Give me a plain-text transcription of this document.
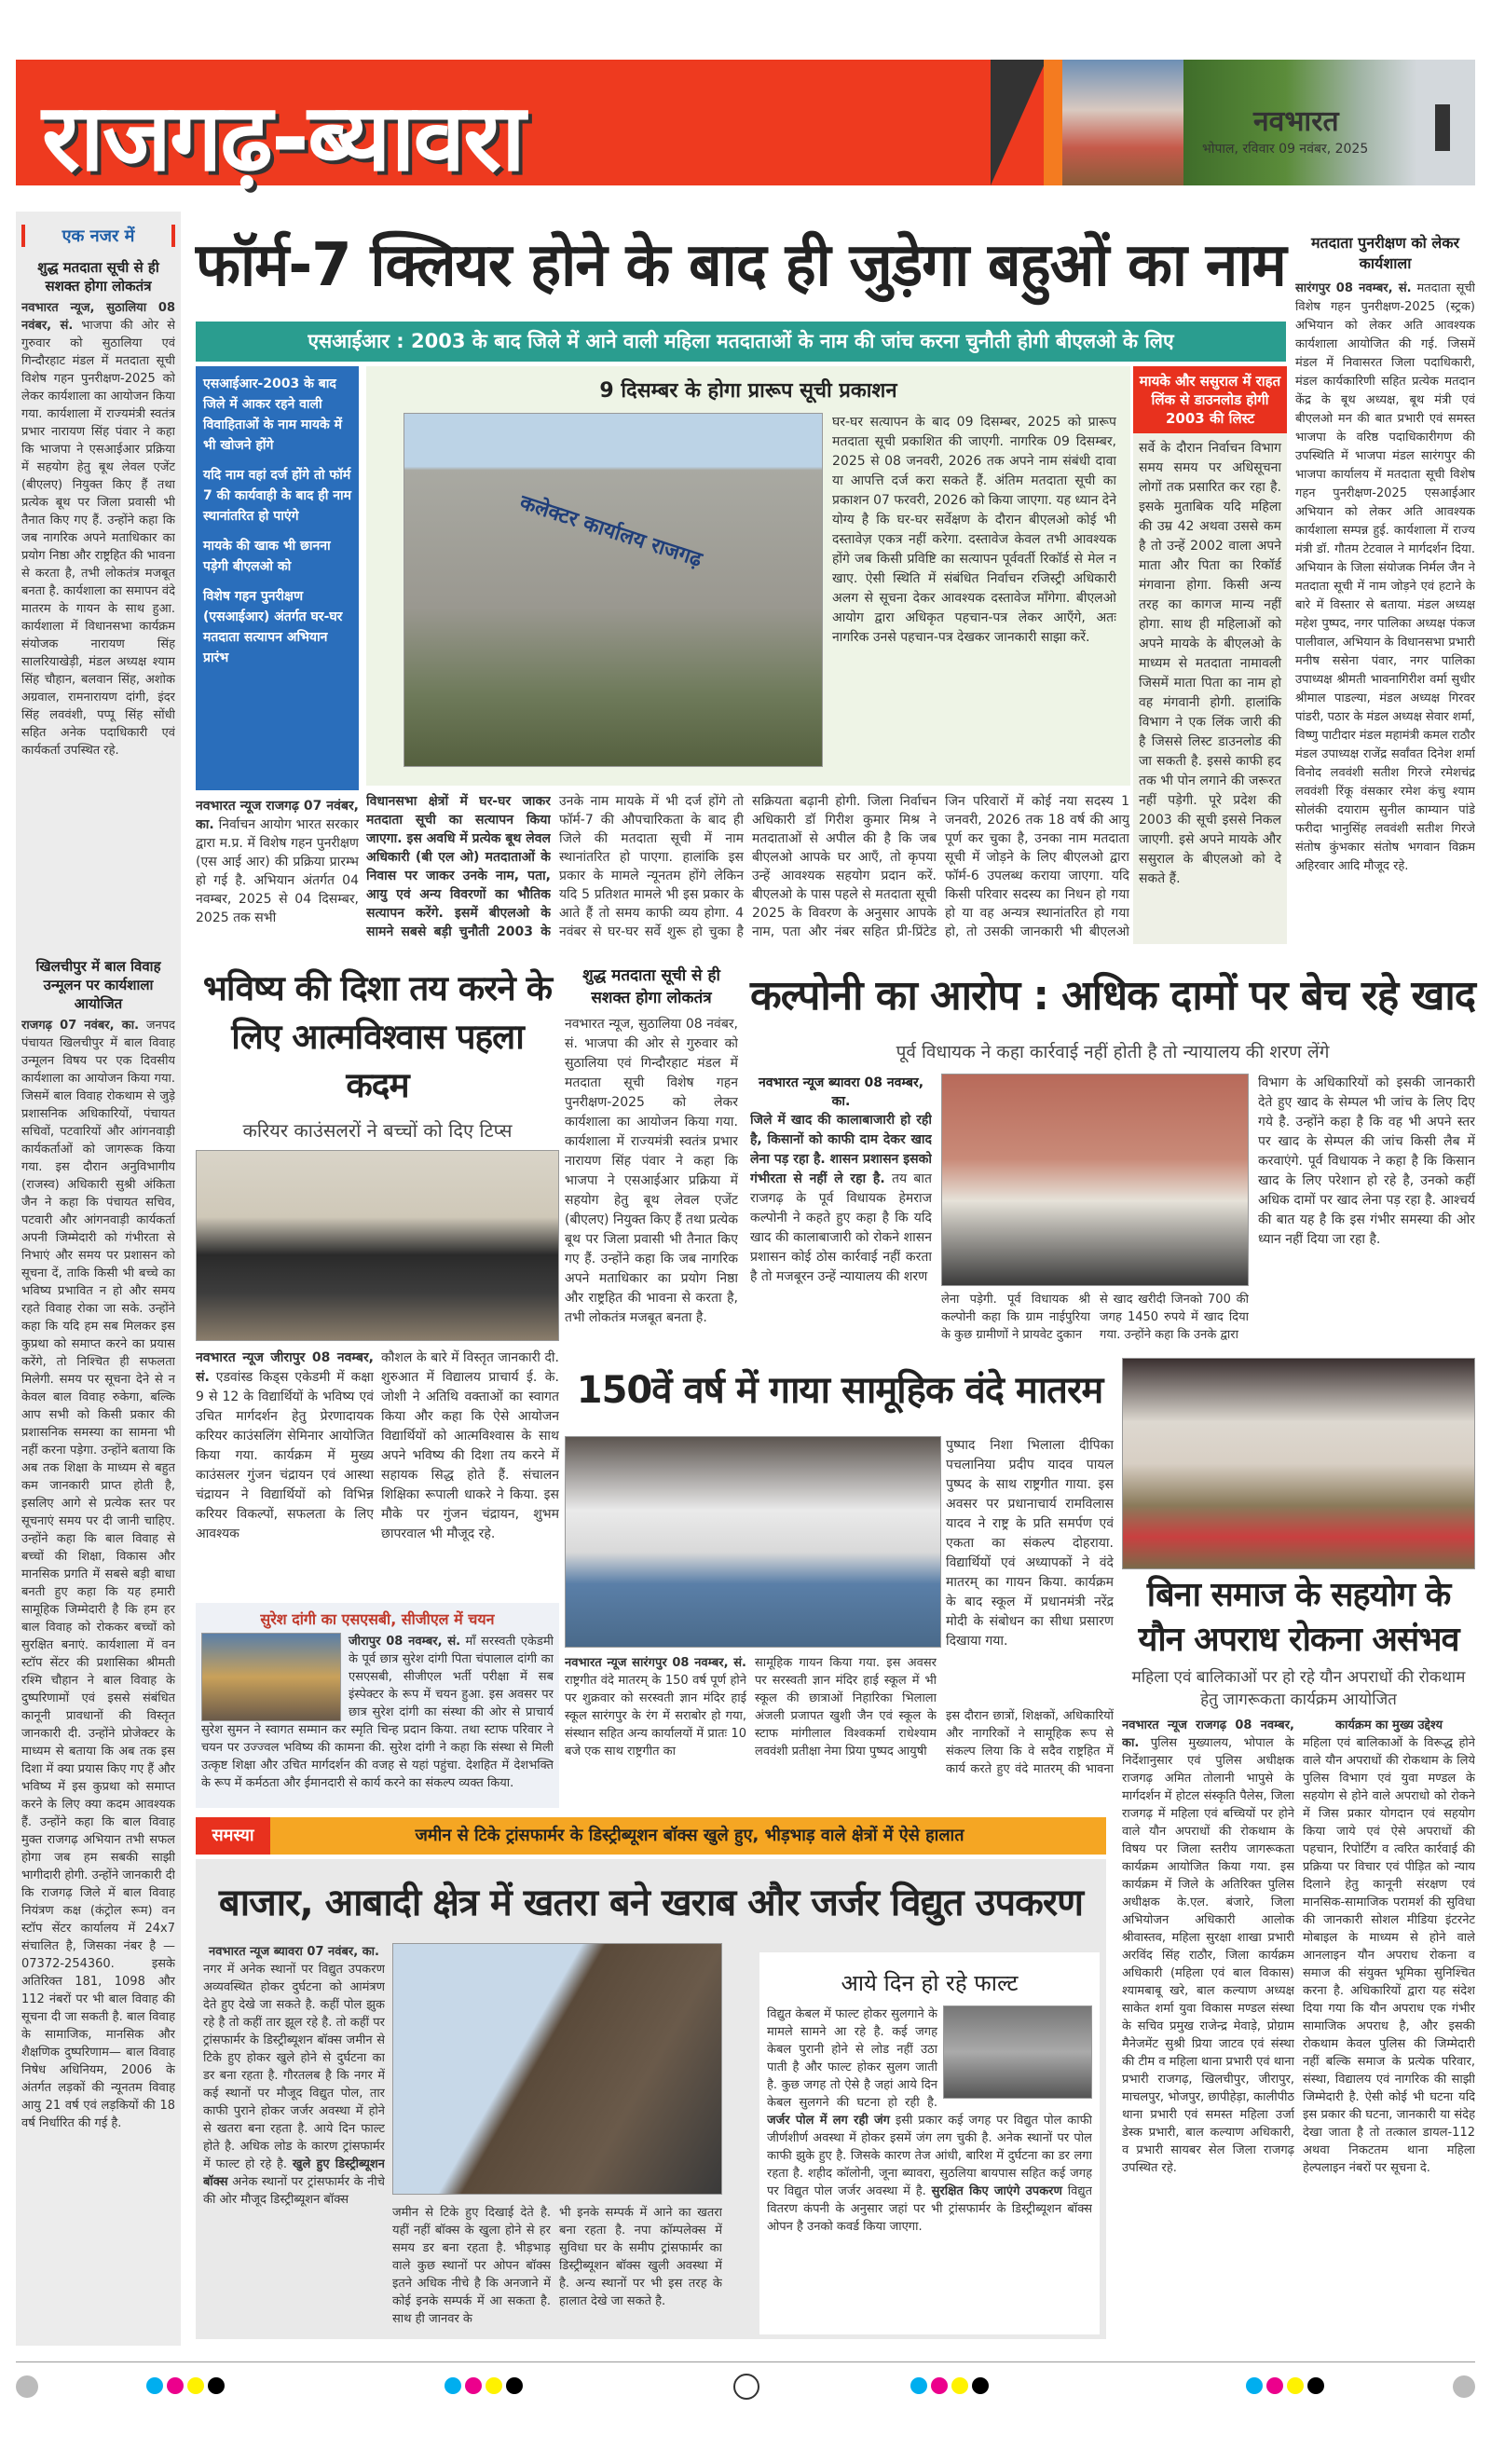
राजगढ़-ब्यावरा	नवभारत
भोपाल, रविवार 09 नवंबर, 2025
एक नजर में
शुद्ध मतदाता सूची से ही सशक्त होगा लोकतंत्र
नवभारत न्यूज, सुठालिया 08 नवंबर, सं. भाजपा की ओर से गुरुवार को सुठालिया एवं गिन्दौरहाट मंडल में मतदाता सूची विशेष गहन पुनरीक्षण-2025 को लेकर कार्यशाला का आयोजन किया गया. कार्यशाला में राज्यमंत्री स्वतंत्र प्रभार नारायण सिंह पंवार ने कहा कि भाजपा ने एसआईआर प्रक्रिया में सहयोग हेतु बूथ लेवल एजेंट (बीएलए) नियुक्त किए हैं तथा प्रत्येक बूथ पर जिला प्रवासी भी तैनात किए गए हैं. उन्होंने कहा कि जब नागरिक अपने मताधिकार का प्रयोग निष्ठा और राष्ट्रहित की भावना से करता है, तभी लोकतंत्र मजबूत बनता है. कार्यशाला का समापन वंदे मातरम के गायन के साथ हुआ. कार्यशाला में विधानसभा कार्यक्रम संयोजक नारायण सिंह सालरियाखेड़ी, मंडल अध्यक्ष श्याम सिंह चौहान, बलवान सिंह, अशोक अग्रवाल, रामनारायण दांगी, इंदर सिंह लववंशी, पप्पू सिंह सोंधी सहित अनेक पदाधिकारी एवं कार्यकर्ता उपस्थित रहे.
खिलचीपुर में बाल विवाह उन्मूलन पर कार्यशाला आयोजित
राजगढ़ 07 नवंबर, का. जनपद पंचायत खिलचीपुर में बाल विवाह उन्मूलन विषय पर एक दिवसीय कार्यशाला का आयोजन किया गया. जिसमें बाल विवाह रोकथाम से जुड़े प्रशासनिक अधिकारियों, पंचायत सचिवों, पटवारियों और आंगनवाड़ी कार्यकर्ताओं को जागरूक किया गया. इस दौरान अनुविभागीय (राजस्व) अधिकारी सुश्री अंकिता जैन ने कहा कि पंचायत सचिव, पटवारी और आंगनवाड़ी कार्यकर्ता अपनी जिम्मेदारी को गंभीरता से निभाएं और समय पर प्रशासन को सूचना दें, ताकि किसी भी बच्चे का भविष्य प्रभावित न हो और समय रहते विवाह रोका जा सके. उन्होंने कहा कि यदि हम सब मिलकर इस कुप्रथा को समाप्त करने का प्रयास करेंगे, तो निश्चित ही सफलता मिलेगी. समय पर सूचना देने से न केवल बाल विवाह रुकेगा, बल्कि आप सभी को किसी प्रकार की प्रशासनिक समस्या का सामना भी नहीं करना पड़ेगा. उन्होंने बताया कि अब तक शिक्षा के माध्यम से बहुत कम जानकारी प्राप्त होती है, इसलिए आगे से प्रत्येक स्तर पर सूचनाएं समय पर दी जानी चाहिए. उन्होंने कहा कि बाल विवाह से बच्चों की शिक्षा, विकास और मानसिक प्रगति में सबसे बड़ी बाधा बनती हुए कहा कि यह हमारी सामूहिक जिम्मेदारी है कि हम हर बाल विवाह को रोककर बच्चों को सुरक्षित बनाएं. कार्यशाला में वन स्टॉप सेंटर की प्रशासिका श्रीमती रश्मि चौहान ने बाल विवाह के दुष्परिणामों एवं इससे संबंधित कानूनी प्रावधानों की विस्तृत जानकारी दी. उन्होंने प्रोजेक्टर के माध्यम से बताया कि अब तक इस दिशा में क्या प्रयास किए गए हैं और भविष्य में इस कुप्रथा को समाप्त करने के लिए क्या कदम आवश्यक हैं. उन्होंने कहा कि बाल विवाह मुक्त राजगढ़ अभियान तभी सफल होगा जब हम सबकी साझी भागीदारी होगी. उन्होंने जानकारी दी कि राजगढ़ जिले में बाल विवाह नियंत्रण कक्ष (कंट्रोल रूम) वन स्टॉप सेंटर कार्यालय में 24x7 संचालित है, जिसका नंबर है — 07372-254360. इसके अतिरिक्त 181, 1098 और 112 नंबरों पर भी बाल विवाह की सूचना दी जा सकती है. बाल विवाह के सामाजिक, मानसिक और शैक्षणिक दुष्परिणाम— बाल विवाह निषेध अधिनियम, 2006 के अंतर्गत लड़कों की न्यूनतम विवाह आयु 21 वर्ष एवं लड़कियों की 18 वर्ष निर्धारित की गई है.
फॉर्म-7 क्लियर होने के बाद ही जुड़ेगा बहुओं का नाम
एसआईआर : 2003 के बाद जिले में आने वाली महिला मतदाताओं के नाम की जांच करना चुनौती होगी बीएलओ के लिए
एसआईआर-2003 के बाद जिले में आकर रहने वाली विवाहिताओं के नाम मायके में भी खोजने होंगे
यदि नाम वहां दर्ज होंगे तो फॉर्म 7 की कार्यवाही के बाद ही नाम स्थानांतरित हो पाएंगे
मायके की खाक भी छानना पड़ेगी बीएलओ को
विशेष गहन पुनरीक्षण (एसआईआर) अंतर्गत घर-घर मतदाता सत्यापन अभियान प्रारंभ
9 दिसम्बर के होगा प्रारूप सूची प्रकाशन
कलेक्टर कार्यालय राजगढ़
घर-घर सत्यापन के बाद 09 दिसम्बर, 2025 को प्रारूप मतदाता सूची प्रकाशित की जाएगी. नागरिक 09 दिसम्बर, 2025 से 08 जनवरी, 2026 तक अपने नाम संबंधी दावा या आपत्ति दर्ज करा सकते हैं. अंतिम मतदाता सूची का प्रकाशन 07 फरवरी, 2026 को किया जाएगा. यह ध्यान देने योग्य है कि घर-घर सर्वेक्षण के दौरान बीएलओ कोई भी दस्तावेज़ एकत्र नहीं करेगा. दस्तावेज केवल तभी आवश्यक होंगे जब किसी प्रविष्टि का सत्यापन पूर्ववर्ती रिकॉर्ड से मेल न खाए. ऐसी स्थिति में संबंधित निर्वाचन रजिस्ट्री अधिकारी अलग से सूचना देकर आवश्यक दस्तावेज माँगेगा. बीएलओ आयोग द्वारा अधिकृत पहचान-पत्र लेकर आएँगे, अतः नागरिक उनसे पहचान-पत्र देखकर जानकारी साझा करें.
मायके और ससुराल में राहत लिंक से डाउनलोड होगी 2003 की लिस्ट
सर्वे के दौरान निर्वाचन विभाग समय समय पर अधिसूचना लोगों तक प्रसारित कर रहा है. इसके मुताबिक यदि महिला की उम्र 42 अथवा उससे कम है तो उन्हें 2002 वाला अपने माता और पिता का रिकॉर्ड मंगवाना होगा. किसी अन्य तरह का कागज मान्य नहीं होगा. साथ ही महिलाओं को अपने मायके के बीएलओ के माध्यम से मतदाता नामावली जिसमें माता पिता का नाम हो वह मंगवानी होगी. हालांकि विभाग ने एक लिंक जारी की है जिससे लिस्ट डाउनलोड की जा सकती है. इससे काफी हद तक भी पोन लगाने की जरूरत नहीं पड़ेगी. पूरे प्रदेश की 2003 की सूची इससे निकल जाएगी. इसे अपने मायके और ससुराल के बीएलओ को दे सकते हैं.
नवभारत न्यूज राजगढ़ 07 नवंबर, का. निर्वाचन आयोग भारत सरकार द्वारा म.प्र. में विशेष गहन पुनरीक्षण (एस आई आर) की प्रक्रिया प्रारम्भ हो गई है. अभियान अंतर्गत 04 नवम्बर, 2025 से 04 दिसम्बर, 2025 तक सभी
विधानसभा क्षेत्रों में घर-घर जाकर मतदाता सूची का सत्यापन किया जाएगा. इस अवधि में प्रत्येक बूथ लेवल अधिकारी (बी एल ओ) मतदाताओं के निवास पर जाकर उनके नाम, पता, आयु एवं अन्य विवरणों का भौतिक सत्यापन करेंगे. इसमें बीएलओ के सामने सबसे बड़ी चुनौती 2003 के
उनके नाम मायके में भी दर्ज होंगे तो फॉर्म-7 की औपचारिकता के बाद ही जिले की मतदाता सूची में नाम स्थानांतरित हो पाएगा. हालांकि इस प्रकार के मामले न्यूनतम होंगे लेकिन यदि 5 प्रतिशत मामले भी इस प्रकार के आते हैं तो समय काफी व्यय होगा. 4 नवंबर से घर-घर सर्वे शुरू हो चुका है
सक्रियता बढ़ानी होगी. जिला निर्वाचन अधिकारी डॉ गिरीश कुमार मिश्र ने मतदाताओं से अपील की है कि जब बीएलओ आपके घर आएँ, तो कृपया उन्हें आवश्यक सहयोग प्रदान करें. बीएलओ के पास पहले से मतदाता सूची 2025 के विवरण के अनुसार आपके नाम, पता और नंबर सहित प्री-प्रिंटेड
जिन परिवारों में कोई नया सदस्य 1 जनवरी, 2026 तक 18 वर्ष की आयु पूर्ण कर चुका है, उनका नाम मतदाता सूची में जोड़ने के लिए बीएलओ द्वारा फॉर्म-6 उपलब्ध कराया जाएगा. यदि किसी परिवार सदस्य का निधन हो गया हो या वह अन्यत्र स्थानांतरित हो गया हो, तो उसकी जानकारी भी बीएलओ
मतदाता पुनरीक्षण को लेकर कार्यशाला
सारंगपुर 08 नवम्बर, सं. मतदाता सूची विशेष गहन पुनरीक्षण-2025 (स्ट्रक) अभियान को लेकर अति आवश्यक कार्यशाला आयोजित की गई. जिसमें मंडल में निवासरत जिला पदाधिकारी, मंडल कार्यकारिणी सहित प्रत्येक मतदान केंद्र के बूथ अध्यक्ष, बूथ मंत्री एवं बीएलओ मन की बात प्रभारी एवं समस्त भाजपा के वरिष्ठ पदाधिकारीगण की उपस्थिति में भाजपा मंडल सारंगपुर की भाजपा कार्यालय में मतदाता सूची विशेष गहन पुनरीक्षण-2025 एसआईआर अभियान को लेकर अति आवश्यक कार्यशाला सम्पन्न हुई. कार्यशाला में राज्य मंत्री डॉ. गौतम टेटवाल ने मार्गदर्शन दिया. अभियान के जिला संयोजक निर्मल जैन ने मतदाता सूची में नाम जोड़ने एवं हटाने के बारे में विस्तार से बताया. मंडल अध्यक्ष महेश पुष्पद, नगर पालिका अध्यक्ष पंकज पालीवाल, अभियान के विधानसभा प्रभारी मनीष ससेना पंवार, नगर पालिका उपाध्यक्ष श्रीमती भावनागिरीश वर्मा सुधीर श्रीमाल पाडल्या, मंडल अध्यक्ष गिरवर पांडरी, पठार के मंडल अध्यक्ष सेवार शर्मा, विष्णु पाटीदार मंडल महामंत्री कमल राठौर मंडल उपाध्यक्ष राजेंद्र सर्वांवत दिनेश शर्मा विनोद लववंशी सतीश गिरजे रमेशचंद्र लववंशी रिंकू वंसकार रमेश कंचु श्याम सोलंकी दयाराम सुनील काम्यान पांडे फरीदा भानुसिंह लववंशी सतीश गिरजे संतोष कुंभकार संतोष भगवान विक्रम अहिरवार आदि मौजूद रहे.
भविष्य की दिशा तय करने के लिए आत्मविश्वास पहला कदम
करियर काउंसलरों ने बच्चों को दिए टिप्स
नवभारत न्यूज जीरापुर 08 नवम्बर, सं. एडवांस्ड किड्स एकेडमी में कक्षा 9 से 12 के विद्यार्थियों के भविष्य एवं उचित मार्गदर्शन हेतु प्रेरणादायक करियर काउंसलिंग सेमिनार आयोजित किया गया. कार्यक्रम में मुख्य काउंसलर गुंजन चंद्रायन एवं आस्था चंद्रायन ने विद्यार्थियों को विभिन्न करियर विकल्पों, सफलता के लिए आवश्यक
कौशल के बारे में विस्तृत जानकारी दी. शुरुआत में विद्यालय प्राचार्य ई. के. जोशी ने अतिथि वक्ताओं का स्वागत किया और कहा कि ऐसे आयोजन विद्यार्थियों को आत्मविश्वास के साथ अपने भविष्य की दिशा तय करने में सहायक सिद्ध होते हैं. संचालन शिक्षिका रूपाली धाकरे ने किया. इस मौके पर गुंजन चंद्रायन, शुभम छापरवाल भी मौजूद रहे.
सुरेश दांगी का एसएसबी, सीजीएल में चयन
जीरापुर 08 नवम्बर, सं. माँ सरस्वती एकेडमी के पूर्व छात्र सुरेश दांगी पिता चंपालाल दांगी का एसएसबी, सीजीएल भर्ती परीक्षा में सब इंस्पेक्टर के रूप में चयन हुआ. इस अवसर पर छात्र सुरेश दांगी का संस्था की ओर से प्राचार्य सुरेश सुमन ने स्वागत सम्मान कर स्मृति चिन्ह प्रदान किया. तथा स्टाफ परिवार ने चयन पर उज्ज्वल भविष्य की कामना की. सुरेश दांगी ने कहा कि संस्था से मिली उत्कृष्ट शिक्षा और उचित मार्गदर्शन की वजह से यहां पहुंचा. देशहित में देशभक्ति के रूप में कर्मठता और ईमानदारी से कार्य करने का संकल्प व्यक्त किया.
शुद्ध मतदाता सूची से ही सशक्त होगा लोकतंत्र
नवभारत न्यूज, सुठालिया 08 नवंबर, सं. भाजपा की ओर से गुरुवार को सुठालिया एवं गिन्दौरहाट मंडल में मतदाता सूची विशेष गहन पुनरीक्षण-2025 को लेकर कार्यशाला का आयोजन किया गया. कार्यशाला में राज्यमंत्री स्वतंत्र प्रभार नारायण सिंह पंवार ने कहा कि भाजपा ने एसआईआर प्रक्रिया में सहयोग हेतु बूथ लेवल एजेंट (बीएलए) नियुक्त किए हैं तथा प्रत्येक बूथ पर जिला प्रवासी भी तैनात किए गए हैं. उन्होंने कहा कि जब नागरिक अपने मताधिकार का प्रयोग निष्ठा और राष्ट्रहित की भावना से करता है, तभी लोकतंत्र मजबूत बनता है.
कल्पोनी का आरोप : अधिक दामों पर बेच रहे खाद
पूर्व विधायक ने कहा कार्रवाई नहीं होती है तो न्यायालय की शरण लेंगे
नवभारत न्यूज ब्यावरा 08 नवम्बर, का.
जिले में खाद की कालाबाजारी हो रही है, किसानों को काफी दाम देकर खाद लेना पड़ रहा है. शासन प्रशासन इसको गंभीरता से नहीं ले रहा है. तय बात राजगढ़ के पूर्व विधायक हेमराज कल्पोनी ने कहते हुए कहा है कि यदि खाद की कालाबाजारी को रोकने शासन प्रशासन कोई ठोस कार्रवाई नहीं करता है तो मजबूरन उन्हें न्यायालय की शरण
लेना पड़ेगी. पूर्व विधायक श्री कल्पोनी कहा कि ग्राम नाईपुरिया के कुछ ग्रामीणों ने प्रायवेट दुकान
से खाद खरीदी जिनको 700 की जगह 1450 रुपये में खाद दिया गया. उन्होंने कहा कि उनके द्वारा
विभाग के अधिकारियों को इसकी जानकारी देते हुए खाद के सेम्पल भी जांच के लिए दिए गये है. उन्होंने कहा है कि वह भी अपने स्तर पर खाद के सेम्पल की जांच किसी लैब में करवाएंगे. पूर्व विधायक ने कहा है कि किसान खाद के लिए परेशान हो रहे है, उनको कहीं अधिक दामों पर खाद लेना पड़ रहा है. आश्चर्य की बात यह है कि इस गंभीर समस्या की ओर ध्यान नहीं दिया जा रहा है.
150वें वर्ष में गाया सामूहिक वंदे मातरम
पुष्पाद निशा भिलाला दीपिका पचलानिया प्रदीप यादव पायल पुष्पद के साथ राष्ट्रगीत गाया. इस अवसर पर प्रधानाचार्य रामविलास यादव ने राष्ट्र के प्रति समर्पण एवं एकता का संकल्प दोहराया. विद्यार्थियों एवं अध्यापकों ने वंदे मातरम् का गायन किया. कार्यक्रम के बाद स्कूल में प्रधानमंत्री नरेंद्र मोदी के संबोधन का सीधा प्रसारण दिखाया गया.
नवभारत न्यूज सारंगपुर 08 नवम्बर, सं. राष्ट्रगीत वंदे मातरम् के 150 वर्ष पूर्ण होने पर शुक्रवार को सरस्वती ज्ञान मंदिर हाई स्कूल सारंगपुर के रंग में सराबोर हो गया, संस्थान सहित अन्य कार्यालयों में प्रातः 10 बजे एक साथ राष्ट्रगीत का
सामूहिक गायन किया गया. इस अवसर पर सरस्वती ज्ञान मंदिर हाई स्कूल में भी स्कूल की छात्राओं निहारिका भिलाला अंजली प्रजापत खुशी जैन एवं स्कूल के स्टाफ मांगीलाल विश्वकर्मा राधेश्याम लववंशी प्रतीक्षा नेमा प्रिया पुष्पद आयुषी
इस दौरान छात्रों, शिक्षकों, अधिकारियों और नागरिकों ने सामूहिक रूप से संकल्प लिया कि वे सदैव राष्ट्रहित में कार्य करते हुए वंदे मातरम् की भावना
बिना समाज के सहयोग के यौन अपराध रोकना असंभव
महिला एवं बालिकाओं पर हो रहे यौन अपराधों की रोकथाम हेतु जागरूकता कार्यक्रम आयोजित
नवभारत न्यूज राजगढ़ 08 नवम्बर, का. पुलिस मुख्यालय, भोपाल के निर्देशानुसार एवं पुलिस अधीक्षक राजगढ़ अमित तोलानी भापुसे के मार्गदर्शन में होटल संस्कृति पैलेस, जिला राजगढ़ में महिला एवं बच्चियों पर होने वाले यौन अपराधों की रोकथाम के विषय पर जिला स्तरीय जागरूकता कार्यक्रम आयोजित किया गया. इस कार्यक्रम में जिले के अतिरिक्त पुलिस अधीक्षक के.एल. बंजारे, जिला अभियोजन अधिकारी आलोक श्रीवास्तव, महिला सुरक्षा शाखा प्रभारी अरविंद सिंह राठौर, जिला कार्यक्रम अधिकारी (महिला एवं बाल विकास) श्यामबाबू खरे, बाल कल्याण अध्यक्ष साकेत शर्मा युवा विकास मण्डल संस्था के सचिव प्रमुख राजेन्द्र मेवाड़े, प्रोग्राम मैनेजमेंट सुश्री प्रिया जाटव एवं संस्था की टीम व महिला थाना प्रभारी एवं थाना प्रभारी राजगढ़, खिलचीपुर, जीरापुर, माचलपुर, भोजपुर, छापीहेड़ा, कालीपीठ थाना प्रभारी एवं समस्त महिला उर्जा डेस्क प्रभारी, बाल कल्याण अधिकारी, व प्रभारी सायबर सेल जिला राजगढ़ उपस्थित रहे.
कार्यक्रम का मुख्य उद्देश्य
महिला एवं बालिकाओं के विरूद्ध होने वाले यौन अपराधों की रोकथाम के लिये पुलिस विभाग एवं युवा मण्डल के सहयोग से होने वाले अपराधो को रोकने में जिस प्रकार योगदान एवं सहयोग किया जाये एवं ऐसे अपराधों की पहचान, रिपोर्टिंग व त्वरित कार्रवाई की प्रक्रिया पर विचार एवं पीड़ित को न्याय दिलाने हेतु कानूनी संरक्षण एवं मानसिक-सामाजिक परामर्श की सुविधा की जानकारी सोशल मीडिया इंटरनेट मोबाइल के माध्यम से होने वाले आनलाइन यौन अपराध रोकना व समाज की संयुक्त भूमिका सुनिश्चित करना है. अधिकारियों द्वारा यह संदेश दिया गया कि यौन अपराध एक गंभीर सामाजिक अपराध है, और इसकी रोकथाम केवल पुलिस की जिम्मेदारी नहीं बल्कि समाज के प्रत्येक परिवार, संस्था, विद्यालय एवं नागरिक की साझी जिम्मेदारी है. ऐसी कोई भी घटना यदि इस प्रकार की घटना, जानकारी या संदेह देखा जाता है तो तत्काल डायल-112 अथवा निकटतम थाना महिला हेल्पलाइन नंबरों पर सूचना दे.
समस्या	जमीन से टिके ट्रांसफार्मर के डिस्ट्रीब्यूशन बॉक्स खुले हुए, भीड़भाड़ वाले क्षेत्रों में ऐसे हालात
बाजार, आबादी क्षेत्र में खतरा बने खराब और जर्जर विद्युत उपकरण
नवभारत न्यूज ब्यावरा 07 नवंबर, का.
नगर में अनेक स्थानों पर विद्युत उपकरण अव्यवस्थित होकर दुर्घटना को आमंत्रण देते हुए देखे जा सकते है. कहीं पोल झुक रहे है तो कहीं तार झूल रहे है. तो कहीं पर ट्रांसफार्मर के डिस्ट्रीब्यूशन बॉक्स जमीन से टिके हुए होकर खुले होने से दुर्घटना का डर बना रहता है. गौरतलब है कि नगर में कई स्थानों पर मौजूद विद्युत पोल, तार काफी पुराने होकर जर्जर अवस्था में होने से खतरा बना रहता है. आये दिन फाल्ट होते है. अधिक लोड के कारण ट्रांसफार्मर में फाल्ट हो रहे है. खुले हुए डिस्ट्रीब्यूशन बॉक्स अनेक स्थानों पर ट्रांसफार्मर के नीचे की ओर मौजूद डिस्ट्रीब्यूशन बॉक्स
जमीन से टिके हुए दिखाई देते है. यहीं नहीं बॉक्स के खुला होने से हर समय डर बना रहता है. भीड़भाड़ वाले कुछ स्थानों पर ओपन बॉक्स इतने अधिक नीचे है कि अनजाने में कोई इनके सम्पर्क में आ सकता है. साथ ही जानवर के
भी इनके सम्पर्क में आने का खतरा बना रहता है. नपा कॉम्पलेक्स में सुविधा घर के समीप ट्रांसफार्मर का डिस्ट्रीब्यूशन बॉक्स खुली अवस्था में है. अन्य स्थानों पर भी इस तरह के हालात देखे जा सकते है.
आये दिन हो रहे फाल्ट
विद्युत केबल में फाल्ट होकर सुलगाने के मामले सामने आ रहे है. कई जगह केबल पुरानी होने से लोड नहीं उठा पाती है और फाल्ट होकर सुलग जाती है. कुछ जगह तो ऐसे है जहां आये दिन केबल सुलगने की घटना हो रही है. जर्जर पोल में लग रही जंग इसी प्रकार कई जगह पर विद्युत पोल काफी जीर्णशीर्ण अवस्था में होकर इसमें जंग लग चुकी है. अनेक स्थानों पर पोल काफी झुके हुए है. जिसके कारण तेज आंधी, बारिश में दुर्घटना का डर लगा रहता है. शहीद कॉलोनी, जूना ब्यावरा, सुठलिया बायपास सहित कई जगह पर विद्युत पोल जर्जर अवस्था में है. सुरक्षित किए जाएंगे उपकरण विद्युत वितरण कंपनी के अनुसार जहां पर भी ट्रांसफार्मर के डिस्ट्रीब्यूशन बॉक्स ओपन है उनको कवर्ड किया जाएगा.
